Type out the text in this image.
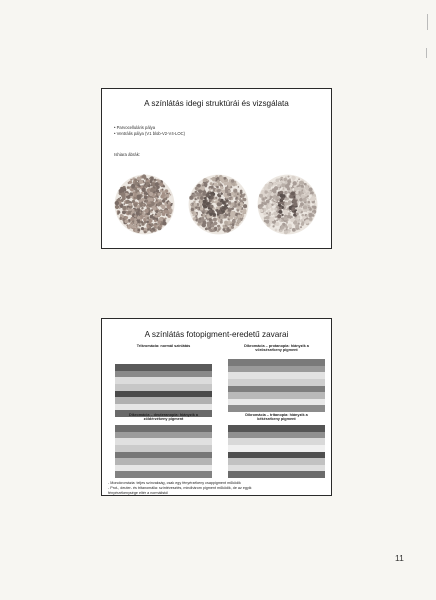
A színlátás idegi struktúrái és vizsgálata
• Parvocelluláris pálya
• Ventrális pálya (V1 blob-V2-V4-LOC)
Ishiara ábrák:
A színlátás fotopigment-eredetű zavarai
Trikromácia: normál színlátás	Dikromácia – protanopia: hiányzik a
vörösérzékeny pigment
Dikromácia – deuteranopia: hiányzik a
zöldérzékeny pigment
Dikromácia – tritanopia: hiányzik a
kékérzékeny pigment
- Monokromázia: teljes színvakság, csak egy fényérzékeny csappigment működik
- Prot-, deuter- és tritanomália: színtévesztés, mindhárom pigment működik, de az egyik
fényérzékenysége eltér a normálistól
11
